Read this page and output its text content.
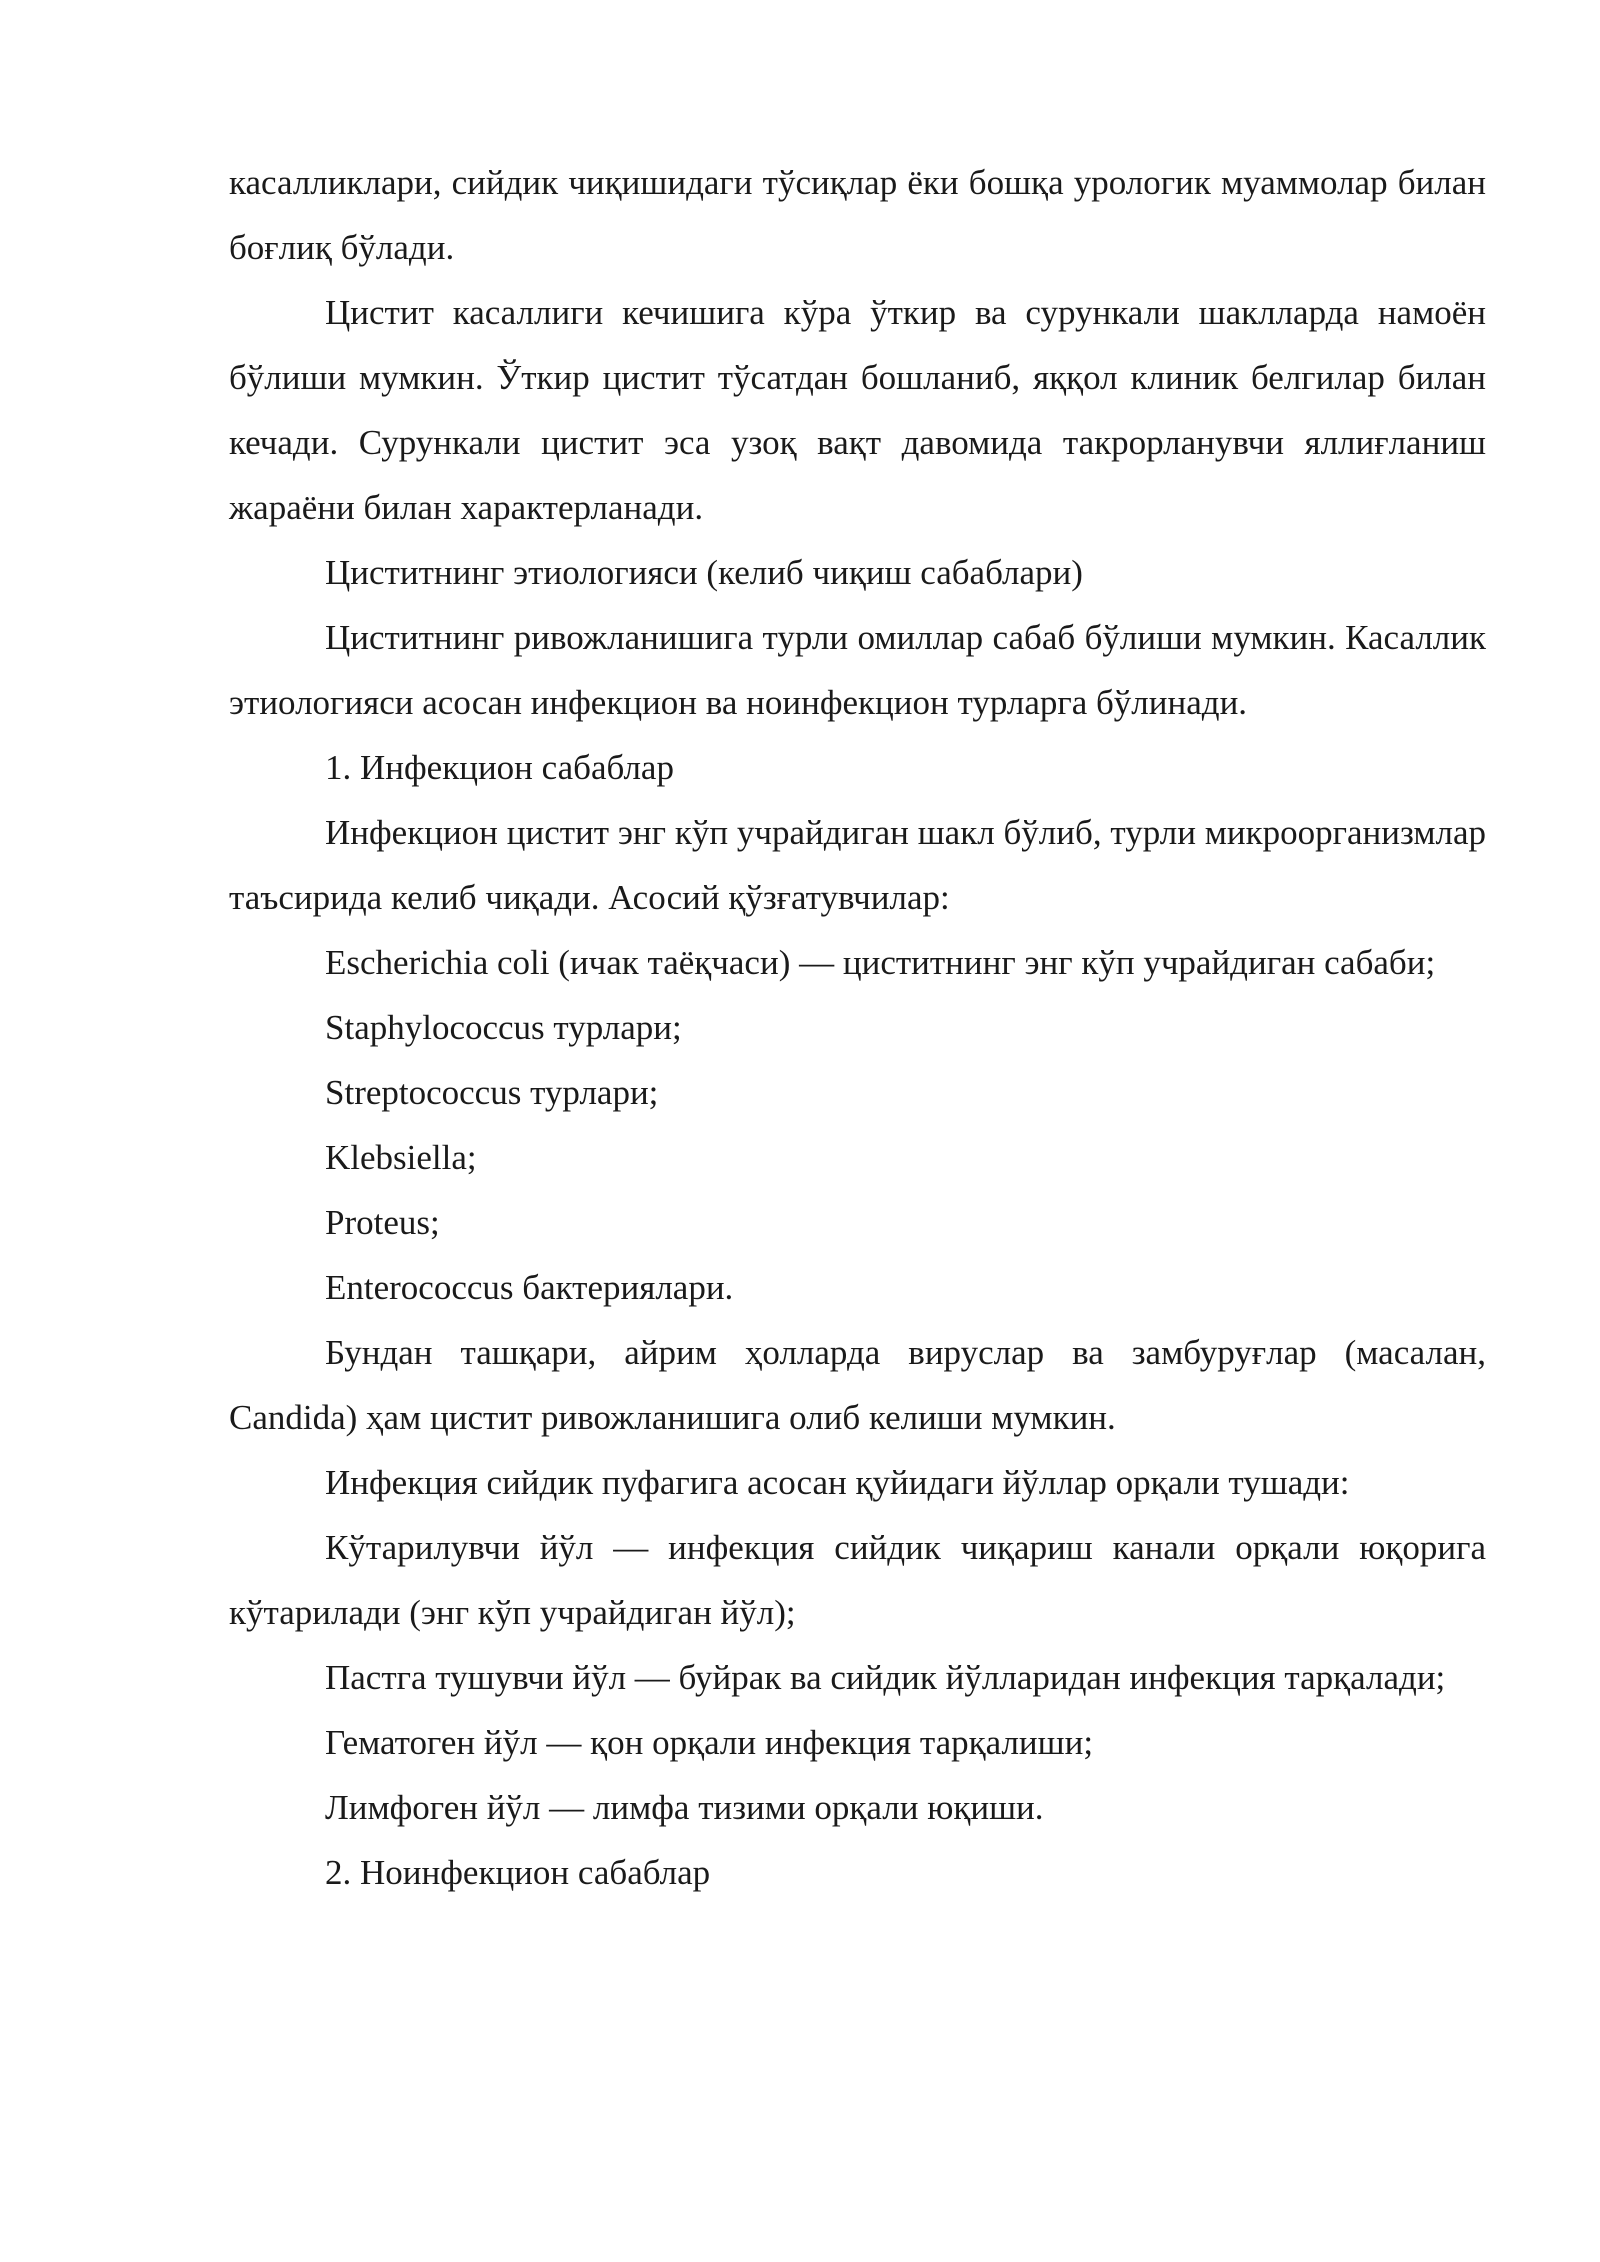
касалликлари, сийдик чиқишидаги тўсиқлар ёки бошқа урологик муаммолар билан боғлиқ бўлади.

Цистит касаллиги кечишига кўра ўткир ва сурункали шаклларда намоён бўлиши мумкин. Ўткир цистит тўсатдан бошланиб, яққол клиник белгилар билан кечади. Сурункали цистит эса узоқ вақт давомида такрорланувчи яллиғланиш жараёни билан характерланади.

Циститнинг этиологияси (келиб чиқиш сабаблари)

Циститнинг ривожланишига турли омиллар сабаб бўлиши мумкин. Касаллик этиологияси асосан инфекцион ва ноинфекцион турларга бўлинади.

1. Инфекцион сабаблар

Инфекцион цистит энг кўп учрайдиган шакл бўлиб, турли микроорганизмлар таъсирида келиб чиқади. Асосий қўзғатувчилар:

Escherichia coli (ичак таёқчаси) — циститнинг энг кўп учрайдиган сабаби;

Staphylococcus турлари;

Streptococcus турлари;

Klebsiella;

Proteus;

Enterococcus бактериялари.

Бундан ташқари, айрим ҳолларда вируслар ва замбуруғлар (масалан, Candida) ҳам цистит ривожланишига олиб келиши мумкин.

Инфекция сийдик пуфагига асосан қуйидаги йўллар орқали тушади:

Кўтарилувчи йўл — инфекция сийдик чиқариш канали орқали юқорига кўтарилади (энг кўп учрайдиган йўл);

Пастга тушувчи йўл — буйрак ва сийдик йўлларидан инфекция тарқалади;

Гематоген йўл — қон орқали инфекция тарқалиши;

Лимфоген йўл — лимфа тизими орқали юқиши.

2. Ноинфекцион сабаблар
